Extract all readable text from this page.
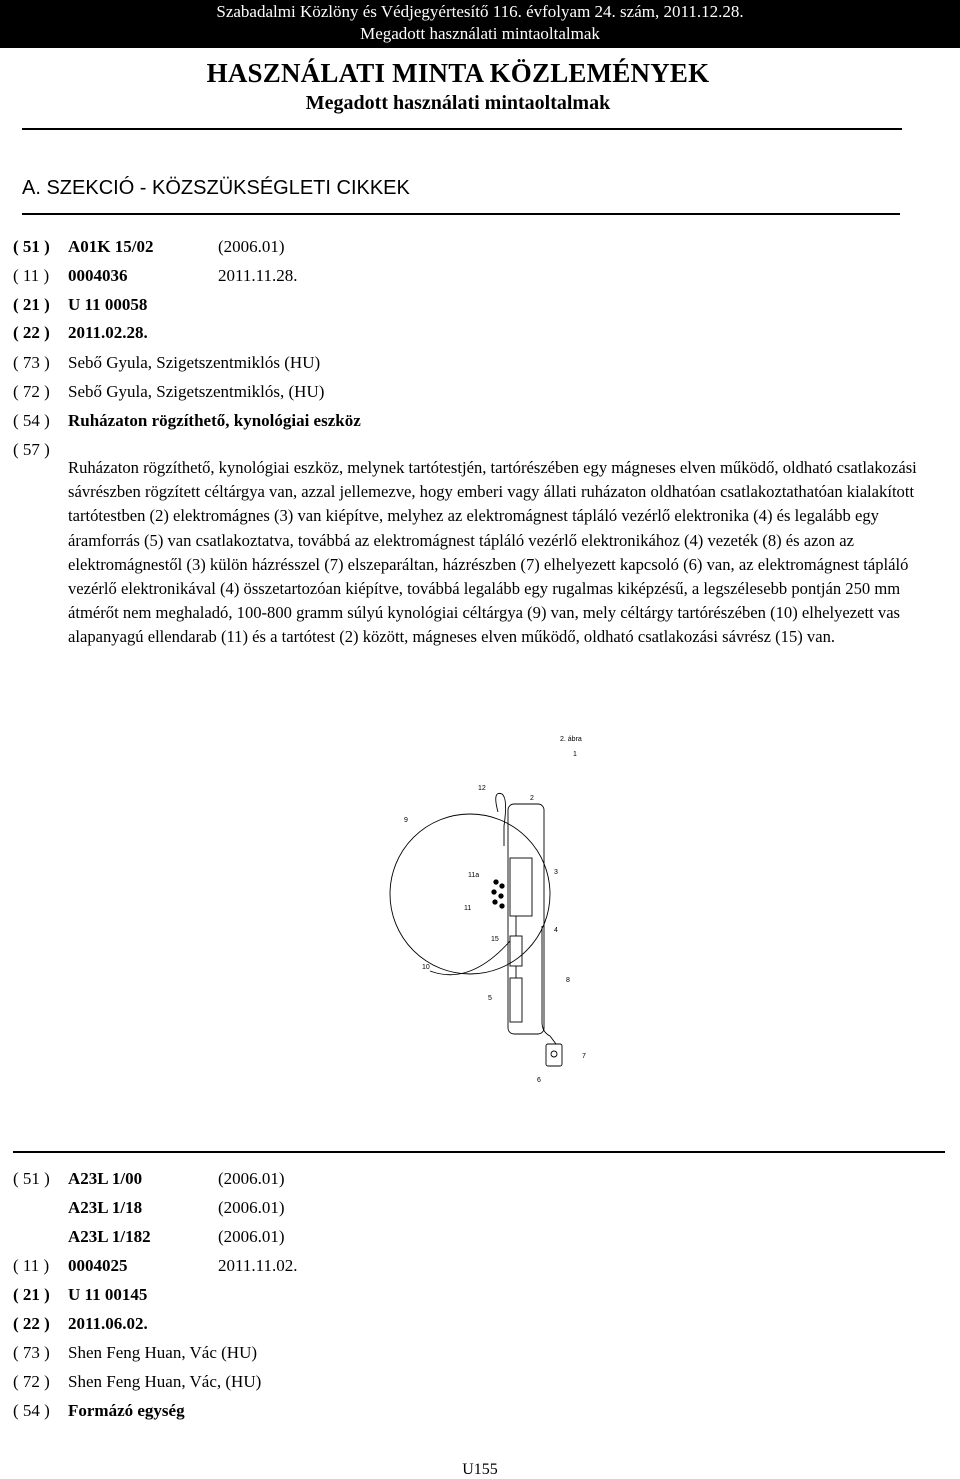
Szabadalmi Közlöny és Védjegyértesítő 116. évfolyam 24. szám, 2011.12.28.
Megadott használati mintaoltalmak
HASZNÁLATI MINTA KÖZLEMÉNYEK
Megadott használati mintaoltalmak
A. SZEKCIÓ - KÖZSZÜKSÉGLETI CIKKEK
( 51 ) A01K 15/02	(2006.01)
( 11 ) 0004036	2011.11.28.
( 21 ) U 11 00058
( 22 ) 2011.02.28.
( 73 ) Sebő Gyula, Szigetszentmiklós (HU)
( 72 ) Sebő Gyula, Szigetszentmiklós, (HU)
( 54 ) Ruházaton rögzíthető, kynológiai eszköz
( 57 )
Ruházaton rögzíthető, kynológiai eszköz, melynek tartótestjén, tartórészében egy mágneses elven működő, oldható csatlakozási sávrészben rögzített céltárgya van, azzal jellemezve, hogy emberi vagy állati ruházaton oldhatóan csatlakoztathatóan kialakított tartótestben (2) elektromágnes (3) van kiépítve, melyhez az elektromágnest tápláló vezérlő elektronika (4) és legalább egy áramforrás (5) van csatlakoztatva, továbbá az elektromágnest tápláló vezérlő elektronikához (4) vezeték (8) és azon az elektromágnestől (3) külön házrésszel (7) elszeparáltan, házrészben (7) elhelyezett kapcsoló (6) van, az elektromágnest tápláló vezérlő elektronikával (4) összetartozóan kiépítve, továbbá legalább egy rugalmas kiképzésű, a legszélesebb pontján 250 mm átmérőt nem meghaladó, 100-800 gramm súlyú kynológiai céltárgya (9) van, mely céltárgy tartórészében (10) elhelyezett vas alapanyagú ellendarab (11) és a tartótest (2) között, mágneses elven működő, oldható csatlakozási sávrész (15) van.
2. ábra
1
12
2
9
3
11a
11
4
15
10
8
5
7
6
( 51 ) A23L 1/00	(2006.01)
A23L 1/18	(2006.01)
A23L 1/182	(2006.01)
( 11 ) 0004025	2011.11.02.
( 21 ) U 11 00145
( 22 ) 2011.06.02.
( 73 ) Shen Feng Huan, Vác (HU)
( 72 ) Shen Feng Huan, Vác, (HU)
( 54 ) Formázó egység
U155
